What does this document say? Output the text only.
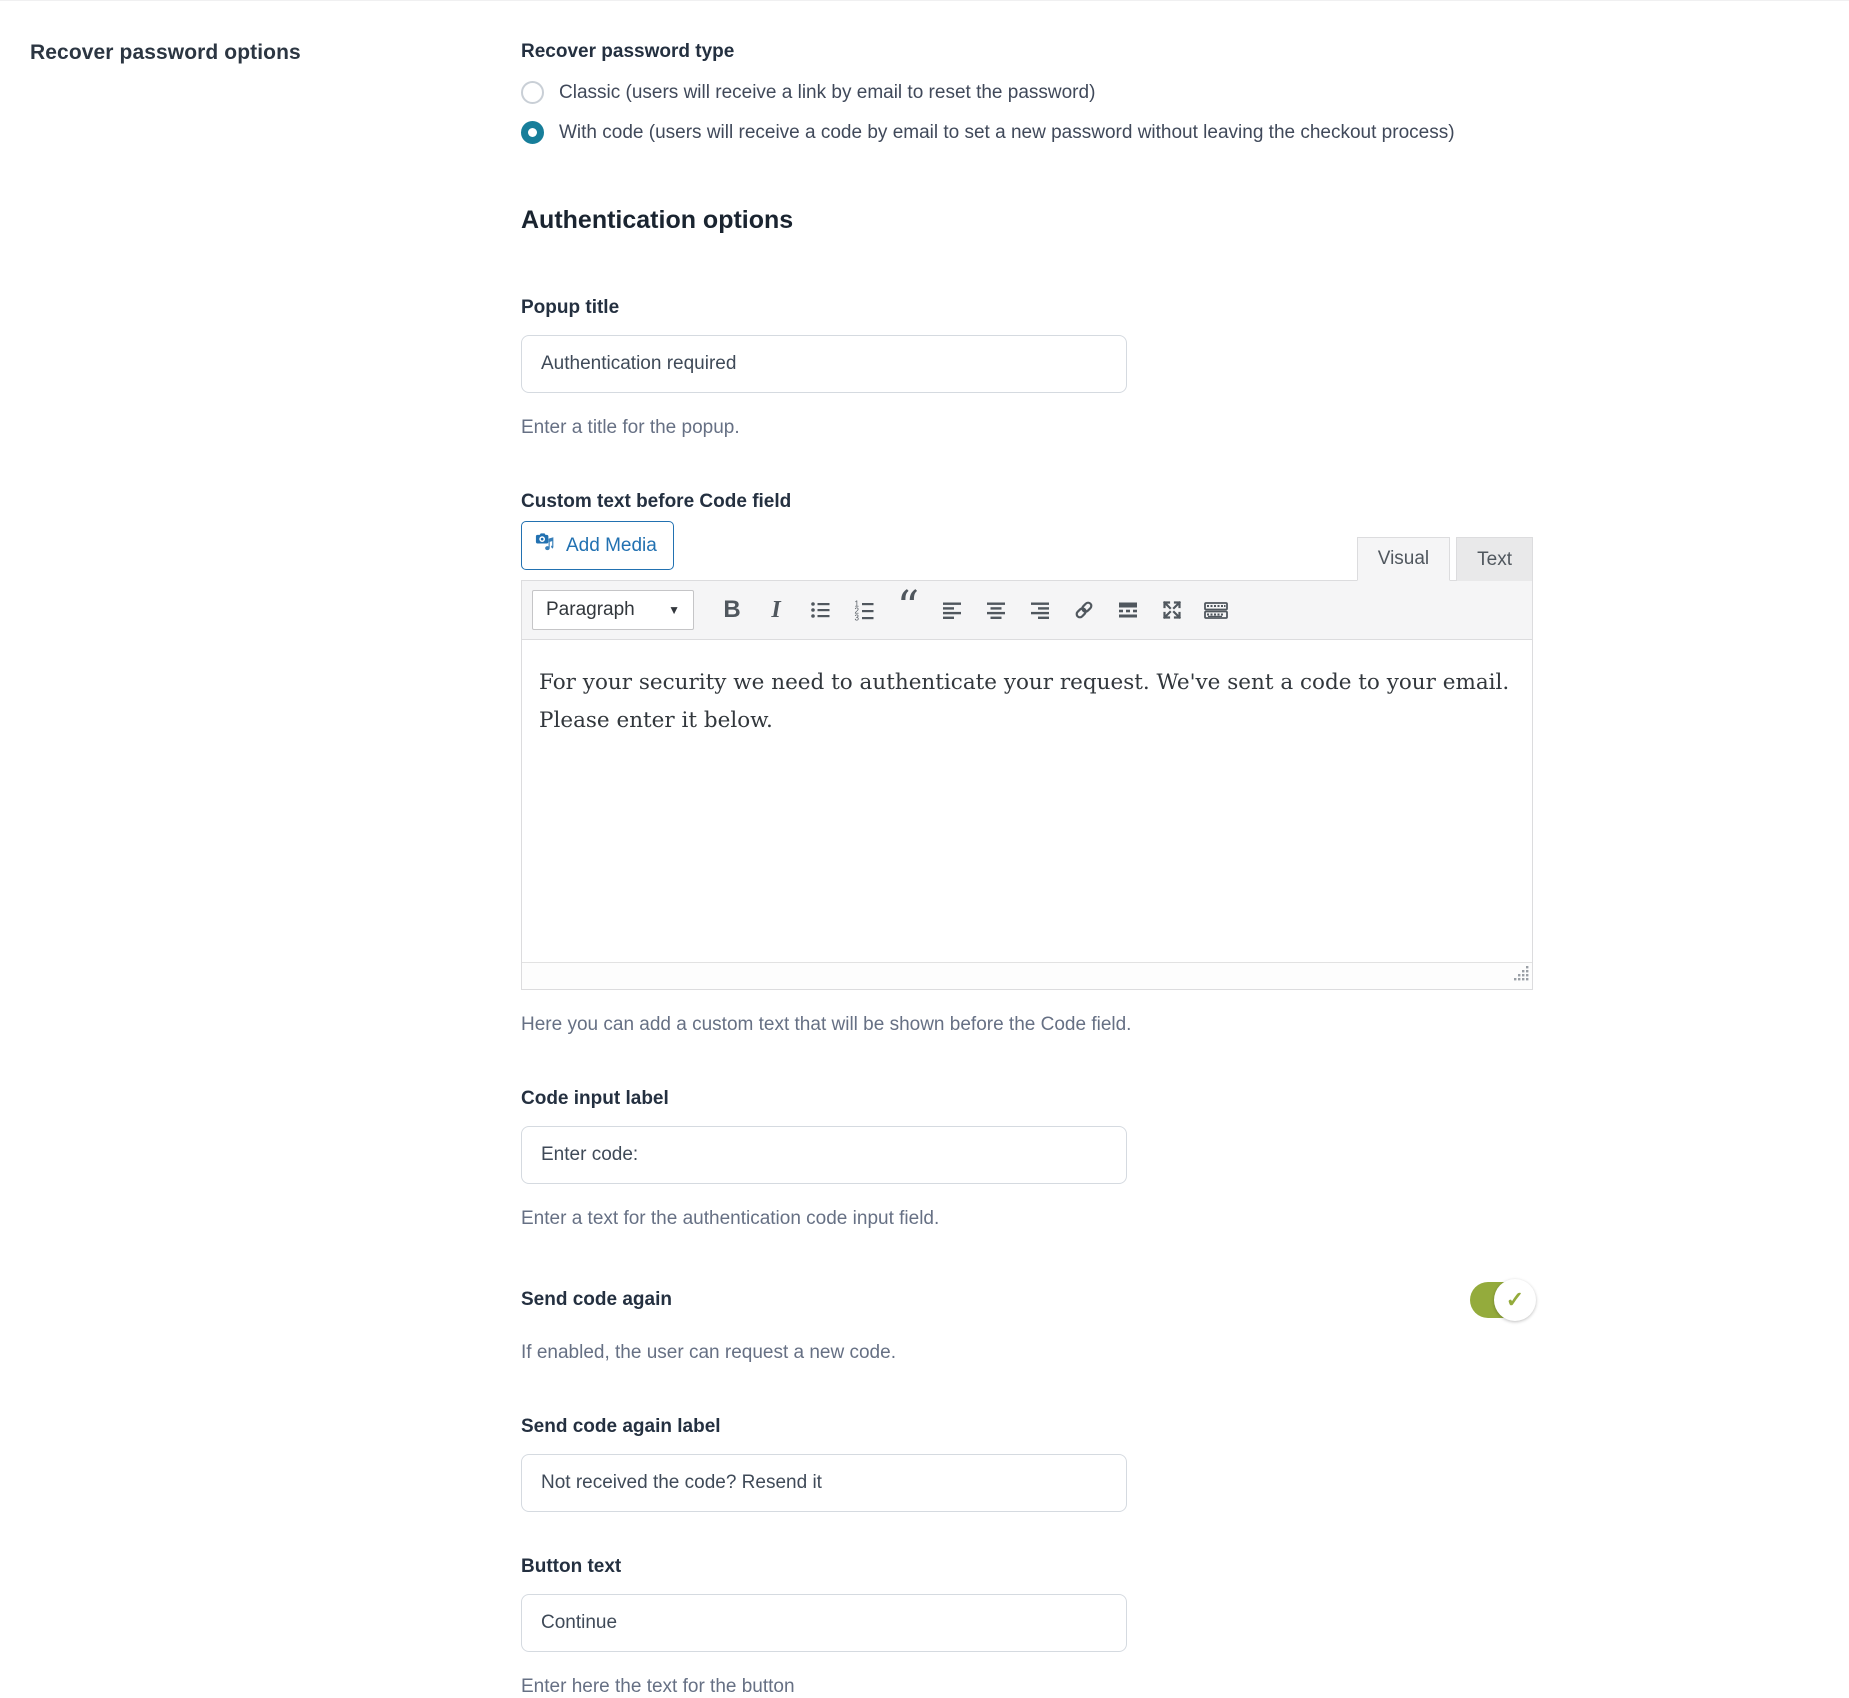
Recover password options	Recover password type
Classic (users will receive a link by email to reset the password)
With code (users will receive a code by email to set a new password without leaving the checkout process)
Authentication options
Popup title
Authentication required
Enter a title for the popup.
Custom text before Code field
Add Media
Visual	Text
Paragraph	▼ B I	1
2
3 “

For your security we need to authenticate your request. We've sent a code to your email. Please enter it below.

Here you can add a custom text that will be shown before the Code field.
Code input label
Enter code:
Enter a text for the authentication code input field.
Send code again	✓
If enabled, the user can request a new code.
Send code again label
Not received the code? Resend it
Button text
Continue
Enter here the text for the button
